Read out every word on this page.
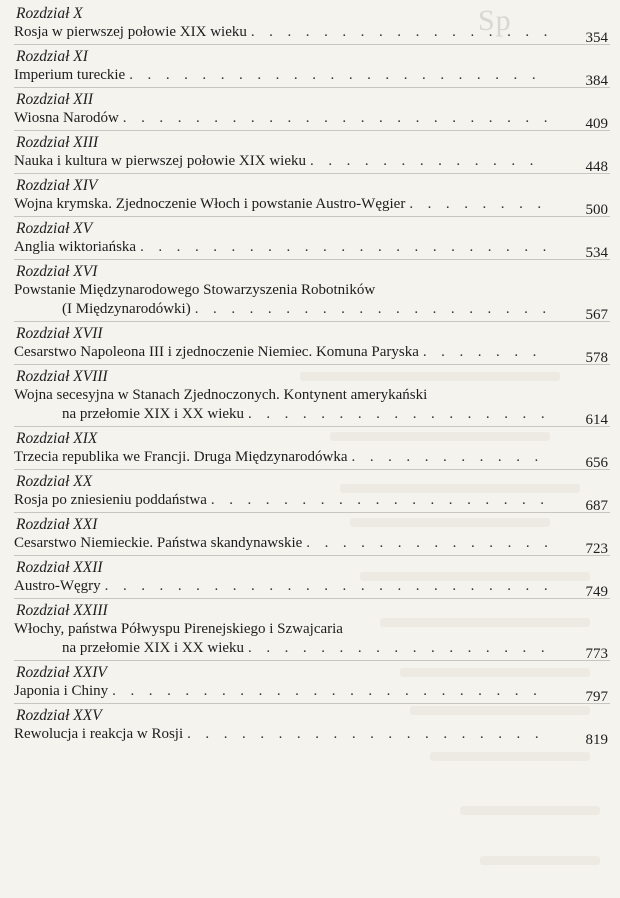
Sp
Rozdział X
Rosja w pierwszej połowie XIX wieku . . .	354
Rozdział XI
Imperium tureckie . . .	384
Rozdział XII
Wiosna Narodów . . .	409
Rozdział XIII
Nauka i kultura w pierwszej połowie XIX wieku . . .	448
Rozdział XIV
Wojna krymska. Zjednoczenie Włoch i powstanie Austro-Węgier . . .	500
Rozdział XV
Anglia wiktoriańska . . .	534
Rozdział XVI
Powstanie Międzynarodowego Stowarzyszenia Robotników
(I Międzynarodówki) . . .	567
Rozdział XVII
Cesarstwo Napoleona III i zjednoczenie Niemiec. Komuna Paryska . . .	578
Rozdział XVIII
Wojna secesyjna w Stanach Zjednoczonych. Kontynent amerykański
na przełomie XIX i XX wieku . . .	614
Rozdział XIX
Trzecia republika we Francji. Druga Międzynarodówka . . .	656
Rozdział XX
Rosja po zniesieniu poddaństwa . . .	687
Rozdział XXI
Cesarstwo Niemieckie. Państwa skandynawskie . . .	723
Rozdział XXII
Austro-Węgry . . .	749
Rozdział XXIII
Włochy, państwa Półwyspu Pirenejskiego i Szwajcaria
na przełomie XIX i XX wieku . . .	773
Rozdział XXIV
Japonia i Chiny . . .	797
Rozdział XXV
Rewolucja i reakcja w Rosji . . .	819
